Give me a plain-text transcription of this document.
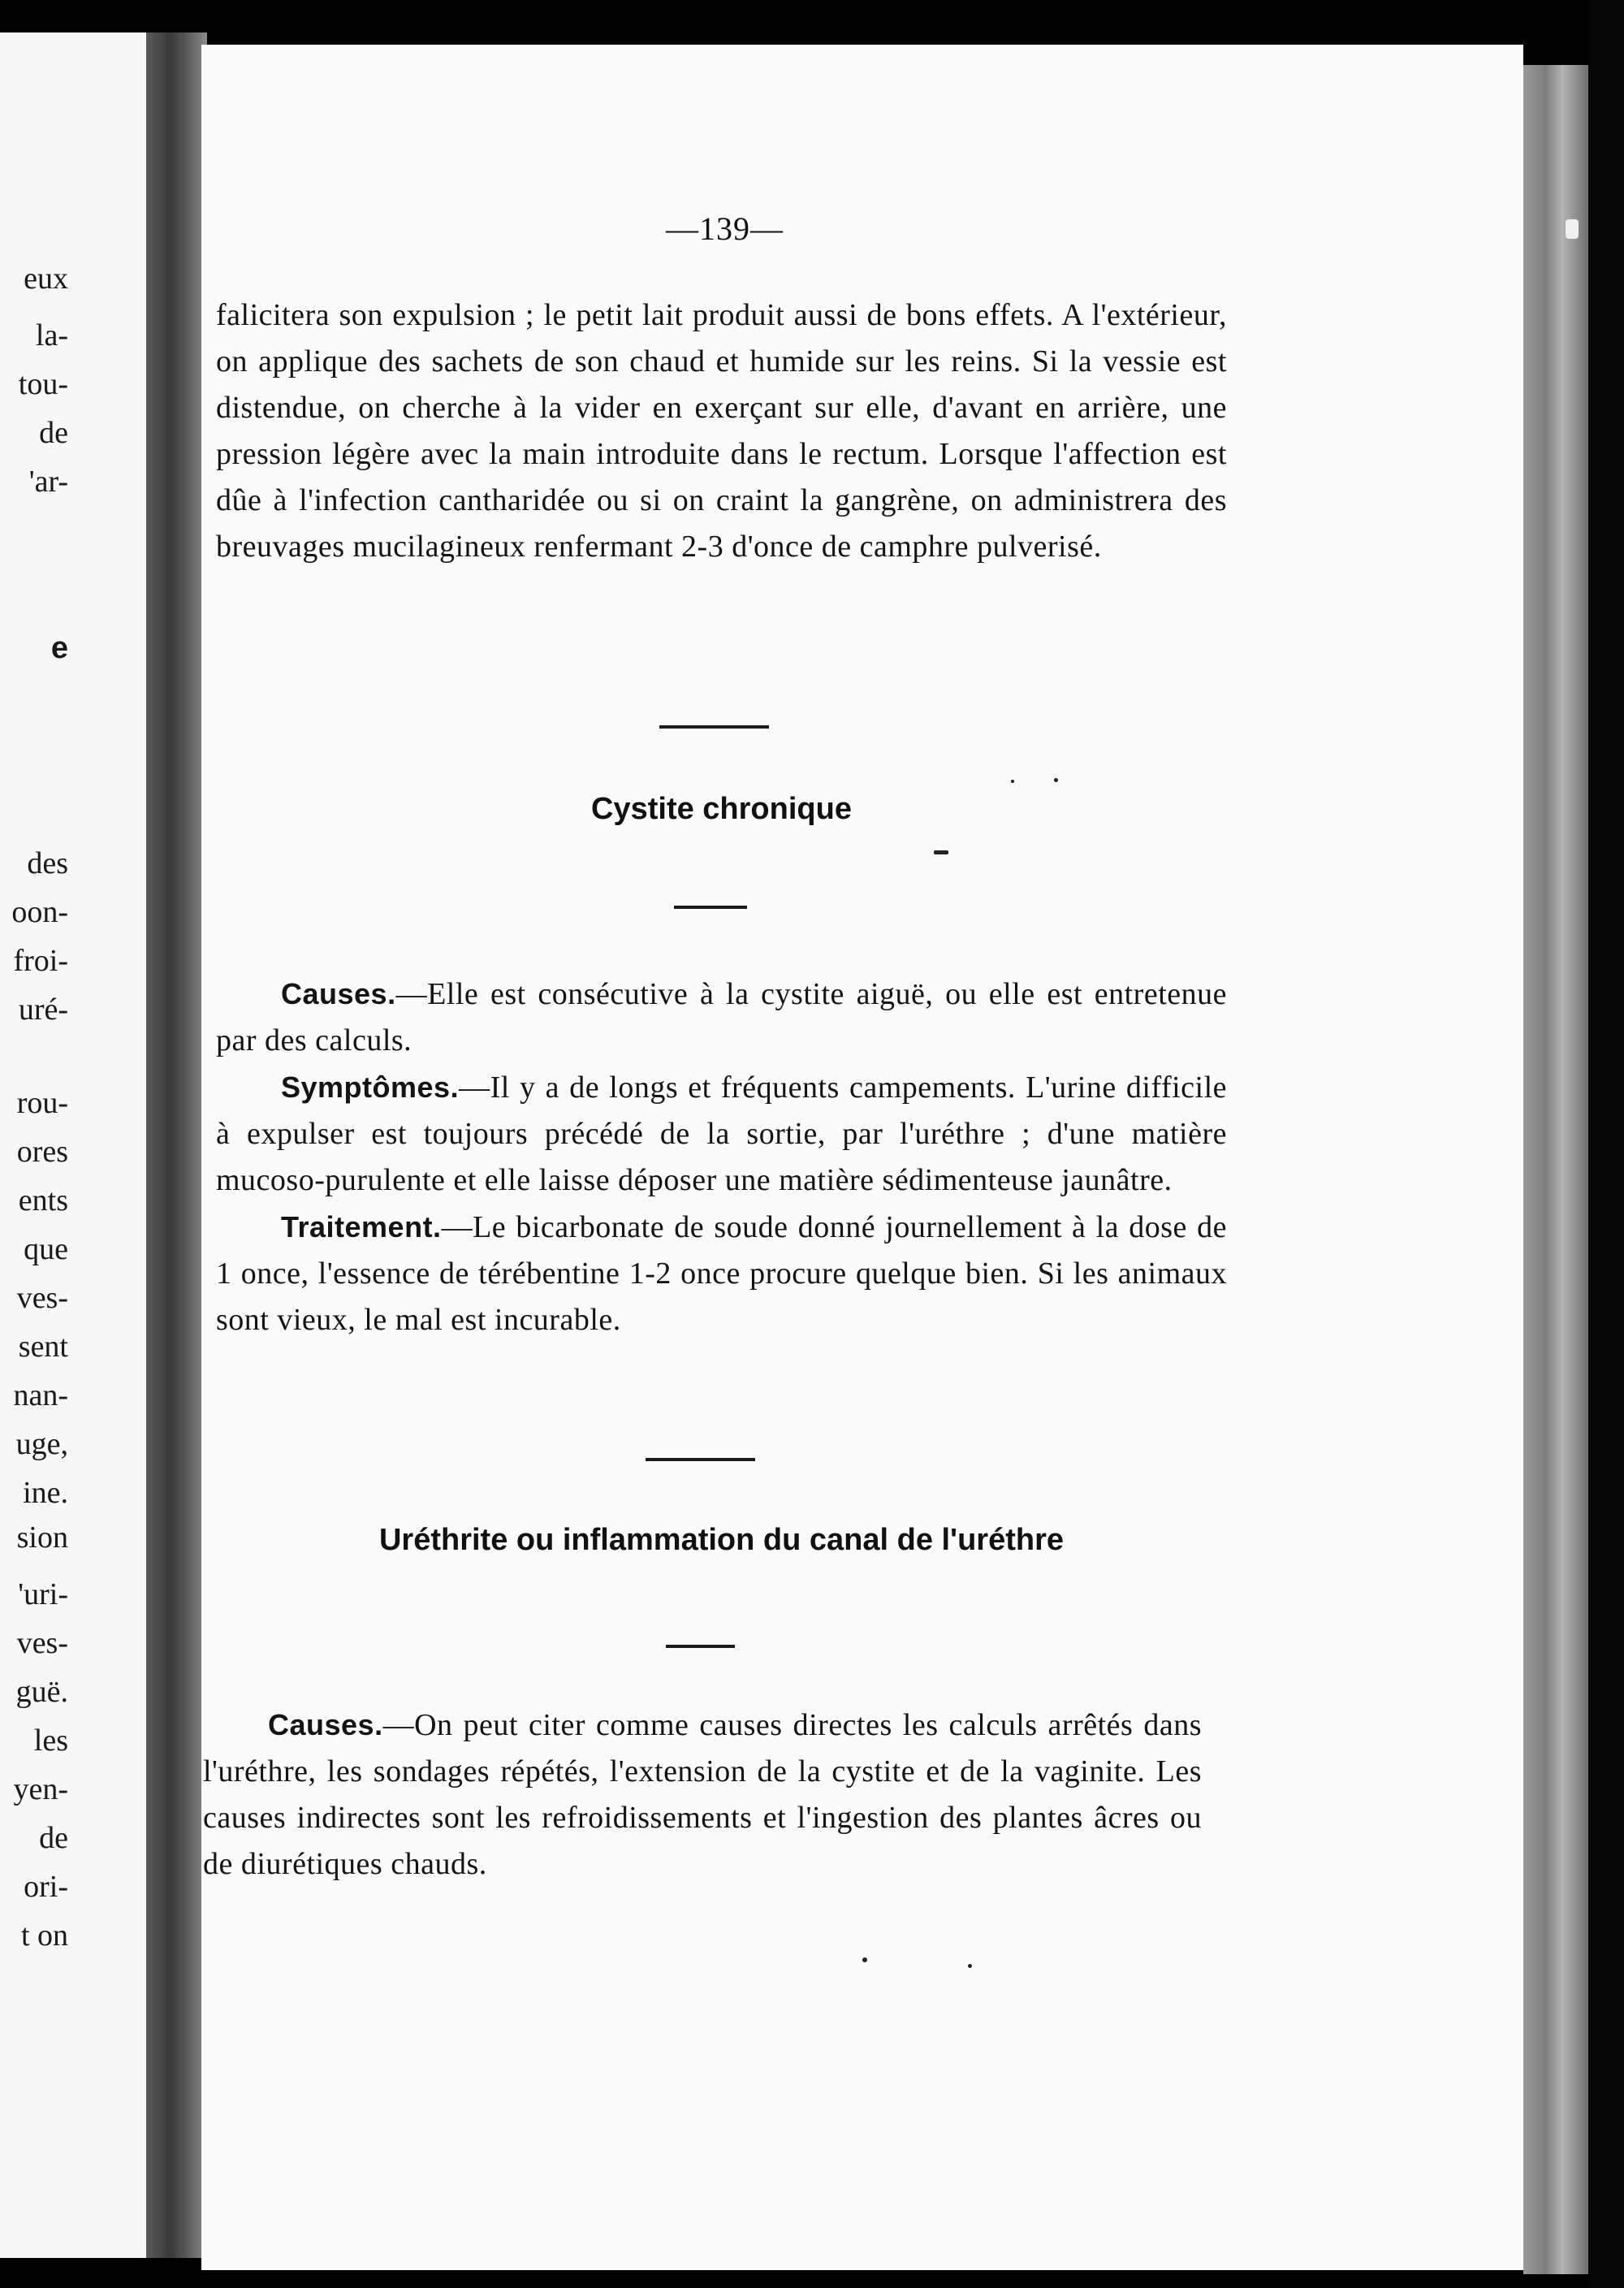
eux
la-
tou-
de
'ar-
e
des
oon-
froi-
uré-
rou-
ores
ents
que
ves-
sent
nan-
uge,
ine.
sion
'uri-
ves-
guë.
les
yen-
de
ori-
t on
—139—

falicitera son expulsion ; le petit lait produit aussi de bons effets. A l'extérieur, on applique des sachets de son chaud et humide sur les reins. Si la vessie est distendue, on cherche à la vider en exerçant sur elle, d'avant en arrière, une pression légère avec la main introduite dans le rectum. Lorsque l'affection est dûe à l'infection cantharidée ou si on craint la gangrène, on administrera des breuvages mucilagineux renfermant 2-3 d'once de camphre pulverisé.

Cystite chronique

Causes.—Elle est consécutive à la cystite aiguë, ou elle est entretenue par des calculs.

Symptômes.—Il y a de longs et fréquents campements. L'urine difficile à expulser est toujours précédé de la sortie, par l'uréthre ; d'une matière mucoso-purulente et elle laisse déposer une matière sédimenteuse jaunâtre.

Traitement.—Le bicarbonate de soude donné journellement à la dose de 1 once, l'essence de térébentine 1-2 once procure quelque bien. Si les animaux sont vieux, le mal est incurable.

Uréthrite ou inflammation du canal de l'uréthre

Causes.—On peut citer comme causes directes les calculs arrêtés dans l'uréthre, les sondages répétés, l'extension de la cystite et de la vaginite. Les causes indirectes sont les refroidissements et l'ingestion des plantes âcres ou de diurétiques chauds.
